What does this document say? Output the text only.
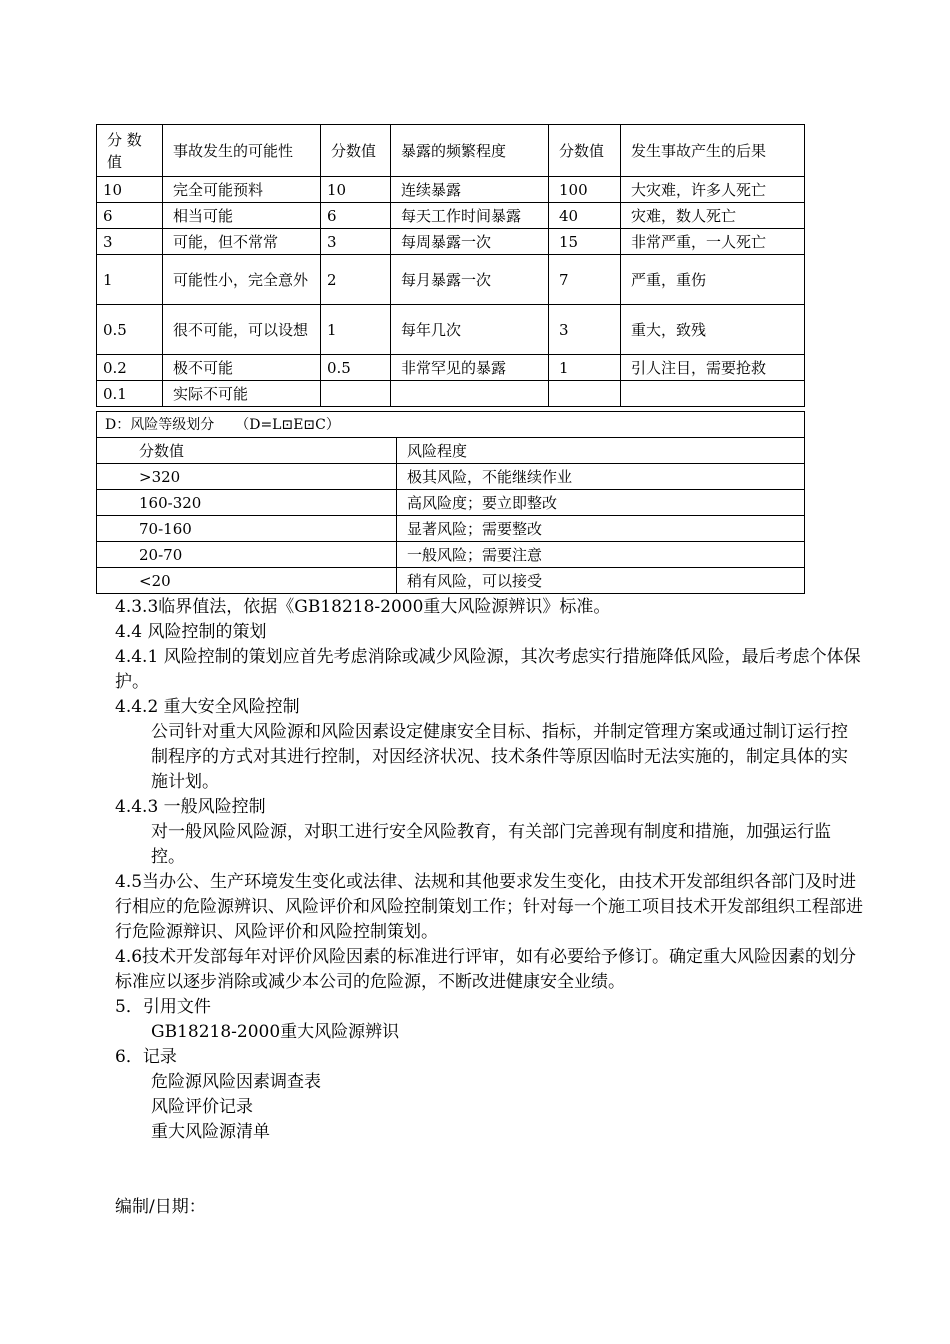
分 数值	事故发生的可能性	分数值	暴露的频繁程度	分数值	发生事故产生的后果
10	完全可能预料	10	连续暴露	100	大灾难，许多人死亡
6	相当可能	6	每天工作时间暴露	40	灾难，数人死亡
3	可能，但不常常	3	每周暴露一次	15	非常严重，一人死亡
1	可能性小，完全意外	2	每月暴露一次	7	严重，重伤
0.5	很不可能，可以设想	1	每年几次	3	重大，致残
0.2	极不可能	0.5	非常罕见的暴露	1	引人注目，需要抢救
0.1	实际不可能				
D：风险等级划分　　（D=L⊡E⊡C）	
分数值	风险程度
>320	极其风险，不能继续作业
160-320	高风险度；要立即整改
70-160	显著风险；需要整改
20-70	一般风险；需要注意
<20	稍有风险，可以接受

4.3.3临界值法，依据《GB18218-2000重大风险源辨识》标准。

4.4 风险控制的策划

4.4.1 风险控制的策划应首先考虑消除或减少风险源，其次考虑实行措施降低风险，最后考虑个体保护。

4.4.2 重大安全风险控制

公司针对重大风险源和风险因素设定健康安全目标、指标，并制定管理方案或通过制订运行控制程序的方式对其进行控制，对因经济状况、技术条件等原因临时无法实施的，制定具体的实施计划。

4.4.3 一般风险控制

对一般风险风险源，对职工进行安全风险教育，有关部门完善现有制度和措施，加强运行监控。

4.5当办公、生产环境发生变化或法律、法规和其他要求发生变化，由技术开发部组织各部门及时进行相应的危险源辨识、风险评价和风险控制策划工作；针对每一个施工项目技术开发部组织工程部进行危险源辩识、风险评价和风险控制策划。

4.6技术开发部每年对评价风险因素的标准进行评审，如有必要给予修订。确定重大风险因素的划分标准应以逐步消除或减少本公司的危险源，不断改进健康安全业绩。

5．引用文件

GB18218-2000重大风险源辨识

6．记录

危险源风险因素调查表

风险评价记录

重大风险源清单

编制/日期：
